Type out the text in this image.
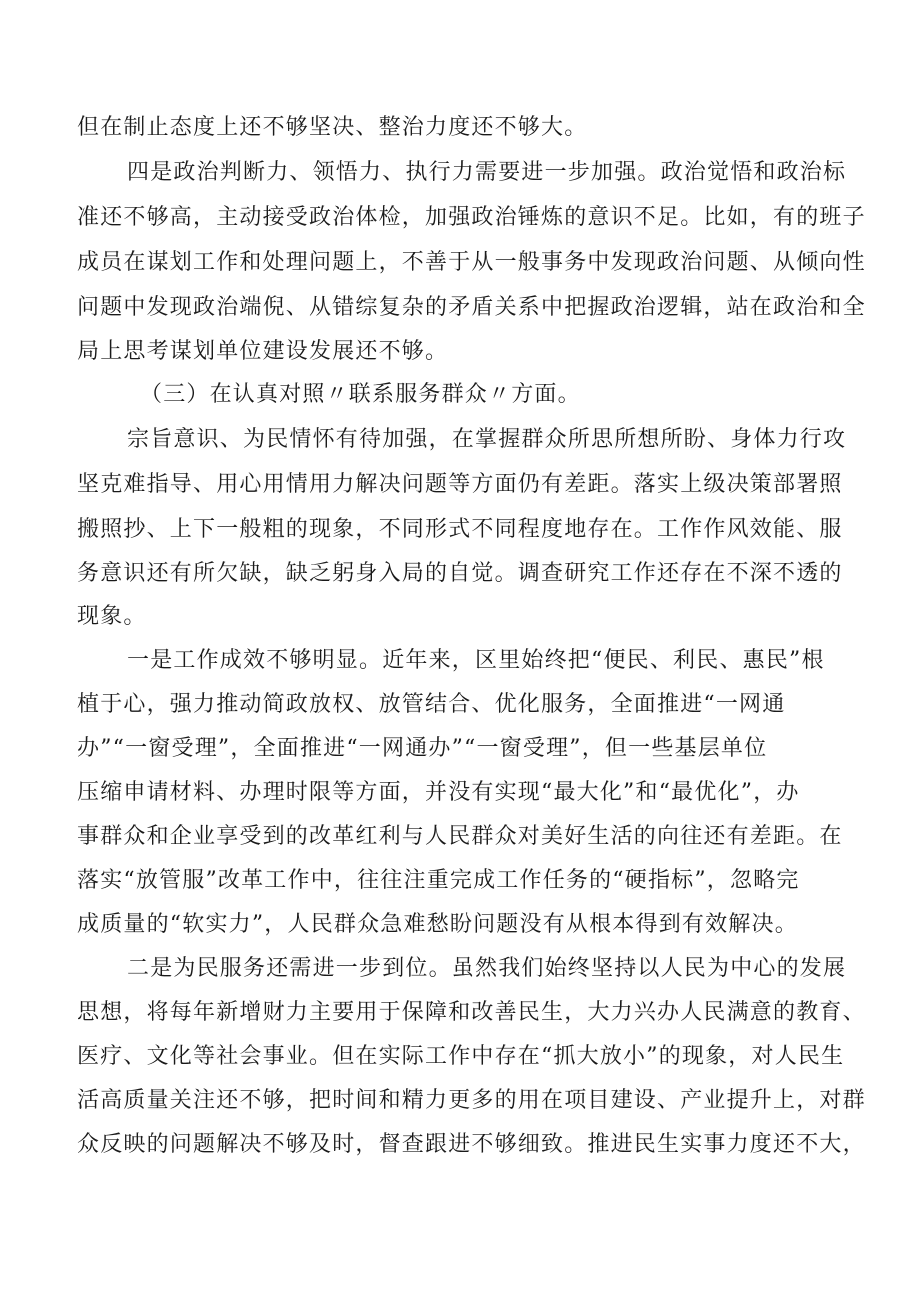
但在制止态度上还不够坚决、整治力度还不够大。
四是政治判断力、领悟力、执行力需要进一步加强。政治觉悟和政治标
准还不够高，主动接受政治体检，加强政治锤炼的意识不足。比如，有的班子
成员在谋划工作和处理问题上，不善于从一般事务中发现政治问题、从倾向性
问题中发现政治端倪、从错综复杂的矛盾关系中把握政治逻辑，站在政治和全
局上思考谋划单位建设发展还不够。
（三）在认真对照〃联系服务群众〃方面。
宗旨意识、为民情怀有待加强，在掌握群众所思所想所盼、身体力行攻
坚克难指导、用心用情用力解决问题等方面仍有差距。落实上级决策部署照
搬照抄、上下一般粗的现象，不同形式不同程度地存在。工作作风效能、服
务意识还有所欠缺，缺乏躬身入局的自觉。调查研究工作还存在不深不透的
现象。
一是工作成效不够明显。近年来，区里始终把“便民、利民、惠民”根
植于心，强力推动简政放权、放管结合、优化服务，全面推进“一网通
办”“一窗受理”，全面推进“一网通办”“一窗受理”，但一些基层单位
压缩申请材料、办理时限等方面，并没有实现“最大化”和“最优化”，办
事群众和企业享受到的改革红利与人民群众对美好生活的向往还有差距。在
落实“放管服”改革工作中，往往注重完成工作任务的“硬指标”，忽略完
成质量的“软实力”，人民群众急难愁盼问题没有从根本得到有效解决。
二是为民服务还需进一步到位。虽然我们始终坚持以人民为中心的发展
思想，将每年新增财力主要用于保障和改善民生，大力兴办人民满意的教育、
医疗、文化等社会事业。但在实际工作中存在“抓大放小”的现象，对人民生
活高质量关注还不够，把时间和精力更多的用在项目建设、产业提升上，对群
众反映的问题解决不够及时，督查跟进不够细致。推进民生实事力度还不大，
